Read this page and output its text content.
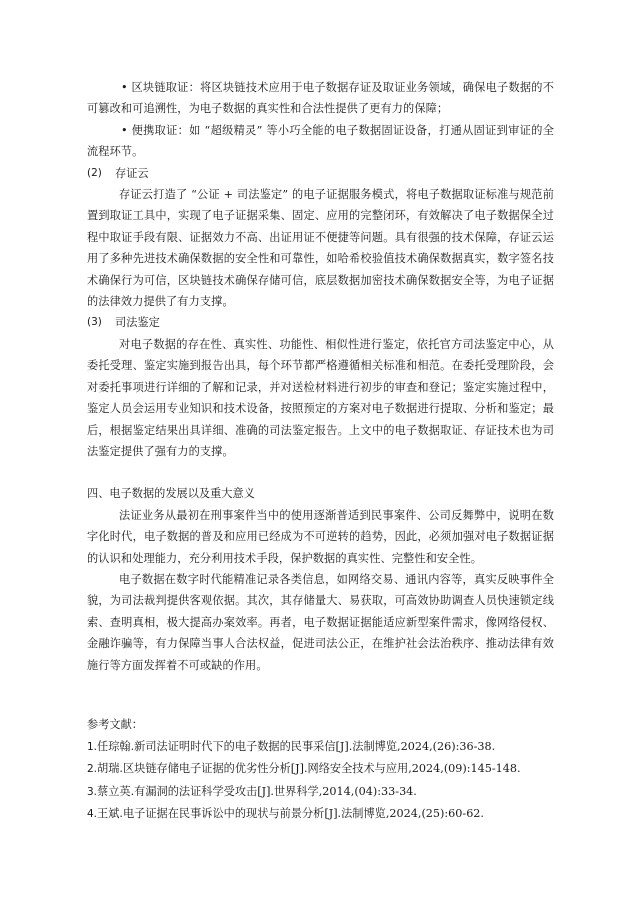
• 区块链取证：将区块链技术应用于电子数据存证及取证业务领域，确保电子数据的不可篡改和可追溯性，为电子数据的真实性和合法性提供了更有力的保障；

• 便携取证：如 “超级精灵” 等小巧全能的电子数据固证设备，打通从固证到审证的全流程环节。

(2)	存证云

存证云打造了 “公证 + 司法鉴定” 的电子证据服务模式，将电子数据取证标准与规范前置到取证工具中，实现了电子证据采集、固定、应用的完整闭环，有效解决了电子数据保全过程中取证手段有限、证据效力不高、出证用证不便捷等问题。具有很强的技术保障，存证云运用了多种先进技术确保数据的安全性和可靠性，如哈希校验值技术确保数据真实，数字签名技术确保行为可信，区块链技术确保存储可信，底层数据加密技术确保数据安全等，为电子证据的法律效力提供了有力支撑。

(3)	司法鉴定

对电子数据的存在性、真实性、功能性、相似性进行鉴定，依托官方司法鉴定中心，从委托受理、鉴定实施到报告出具，每个环节都严格遵循相关标准和相范。在委托受理阶段，会对委托事项进行详细的了解和记录，并对送检材料进行初步的审查和登记；鉴定实施过程中，鉴定人员会运用专业知识和技术设备，按照预定的方案对电子数据进行提取、分析和鉴定；最后，根据鉴定结果出具详细、准确的司法鉴定报告。上文中的电子数据取证、存证技术也为司法鉴定提供了强有力的支撑。

四、电子数据的发展以及重大意义

法证业务从最初在刑事案件当中的使用逐渐普适到民事案件、公司反舞弊中，说明在数字化时代，电子数据的普及和应用已经成为不可逆转的趋势，因此，必须加强对电子数据证据的认识和处理能力，充分利用技术手段，保护数据的真实性、完整性和安全性。

电子数据在数字时代能精准记录各类信息，如网络交易、通讯内容等，真实反映事件全貌，为司法裁判提供客观依据。其次，其存储量大、易获取，可高效协助调查人员快速锁定线索、查明真相，极大提高办案效率。再者，电子数据证据能适应新型案件需求，像网络侵权、金融诈骗等，有力保障当事人合法权益，促进司法公正，在维护社会法治秩序、推动法律有效施行等方面发挥着不可或缺的作用。

参考文献：

1.任琮翰.新司法证明时代下的电子数据的民事采信[J].法制博览,2024,(26):36-38.

2.胡瑞.区块链存储电子证据的优劣性分析[J].网络安全技术与应用,2024,(09):145-148.

3.蔡立英.有漏洞的法证科学受攻击[J].世界科学,2014,(04):33-34.

4.王斌.电子证据在民事诉讼中的现状与前景分析[J].法制博览,2024,(25):60-62.
